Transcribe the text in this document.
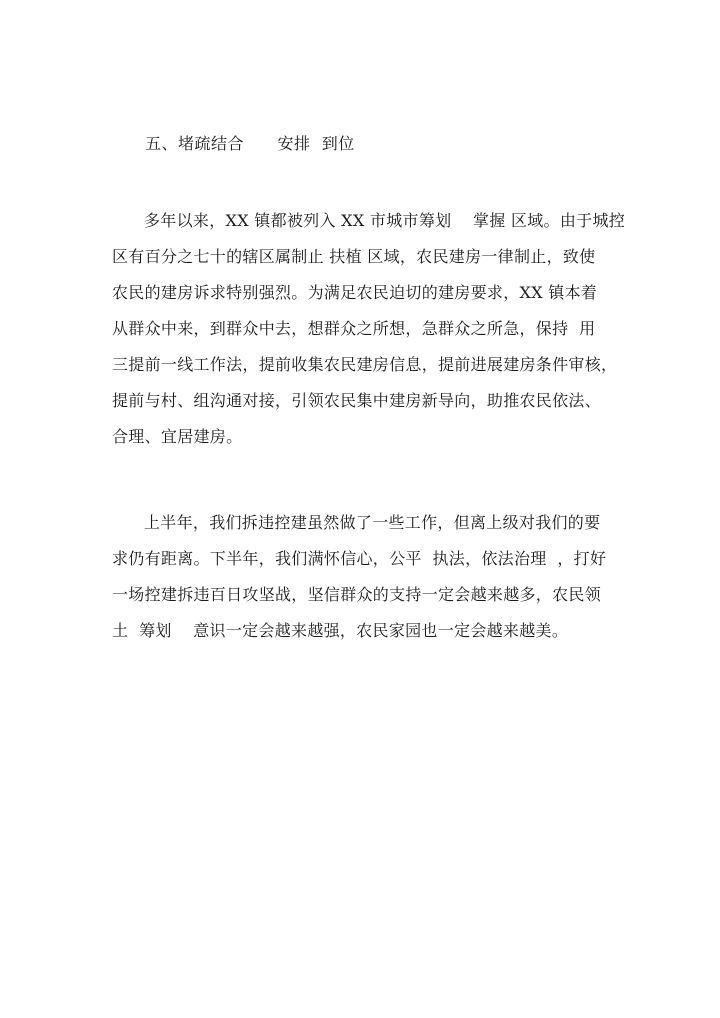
五、堵疏结合      安排  到位
多年以来，XX 镇都被列入 XX 市城市筹划    掌握 区域。由于城控
区有百分之七十的辖区属制止 扶植 区域，农民建房一律制止，致使
农民的建房诉求特别强烈。为满足农民迫切的建房要求，XX 镇本着
从群众中来，到群众中去，想群众之所想，急群众之所急，保持  用
三提前一线工作法，提前收集农民建房信息，提前进展建房条件审核，
提前与村、组沟通对接，引领农民集中建房新导向，助推农民依法、
合理、宜居建房。
上半年，我们拆违控建虽然做了一些工作，但离上级对我们的要
求仍有距离。下半年，我们满怀信心，公平  执法，依法治理  ，打好
一场控建拆违百日攻坚战，坚信群众的支持一定会越来越多，农民领
土  筹划    意识一定会越来越强，农民家园也一定会越来越美。
